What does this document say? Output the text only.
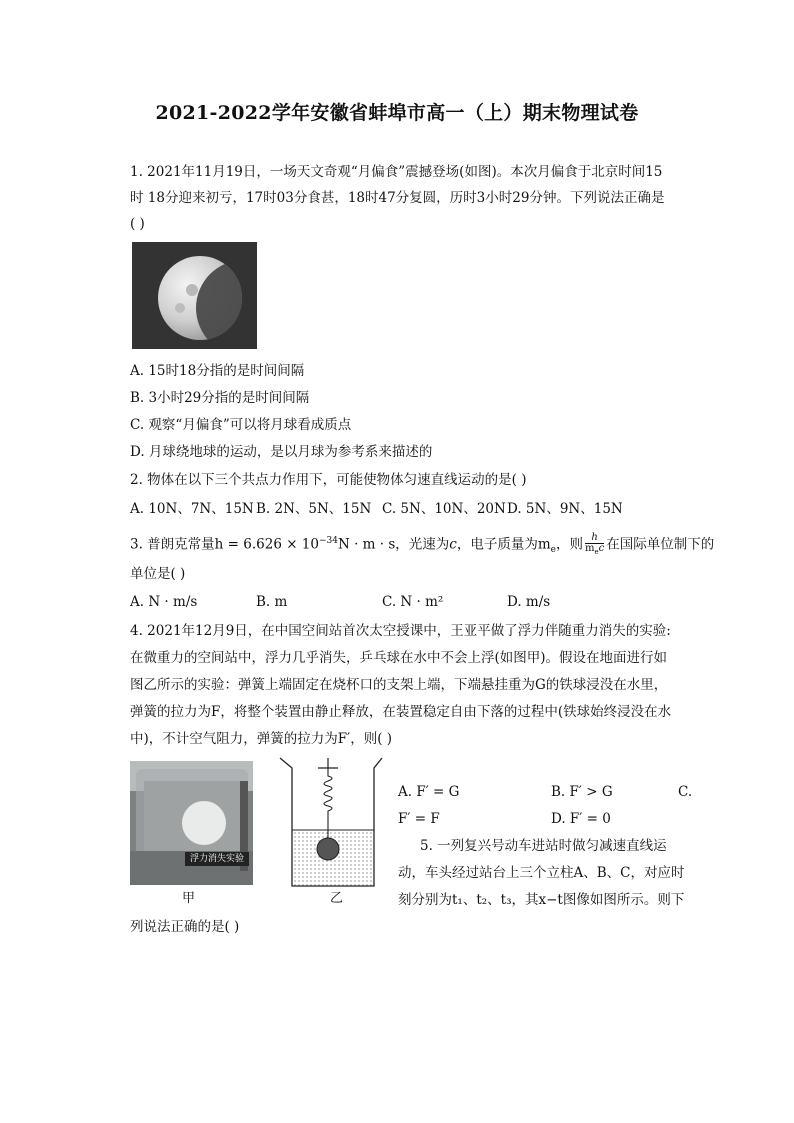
2021-2022学年安徽省蚌埠市高一（上）期末物理试卷
1. 2021年11月19日，一场天文奇观“月偏食”震撼登场(如图)。本次月偏食于北京时间15
时 18分迎来初亏，17时03分食甚，18时47分复圆，历时3小时29分钟。下列说法正确是
( )
A. 15时18分指的是时间间隔
B. 3小时29分指的是时间间隔
C. 观察“月偏食”可以将月球看成质点
D. 月球绕地球的运动，是以月球为参考系来描述的
2. 物体在以下三个共点力作用下，可能使物体匀速直线运动的是( )
A. 10N、7N、15N B. 2N、5N、15N C. 5N、10N、20N D. 5N、9N、15N
3. 普朗克常量$h = 6.626 \times 10^{-34}N \cdot m \cdot s$，光速为c，电子质量为$m_e$，则 h
$m_ec$ 在国际单位制下的
单位是( )
A. N · m/s	B. m	C. N · m²	D. m/s
4. 2021年12月9日，在中国空间站首次太空授课中，王亚平做了浮力伴随重力消失的实验:
在微重力的空间站中，浮力几乎消失，乒乓球在水中不会上浮(如图甲)。假设在地面进行如
图乙所示的实验：弹簧上端固定在烧杯口的支架上端，下端悬挂重为G的铁球浸没在水里，
弹簧的拉力为F，将整个装置由静止释放，在装置稳定自由下落的过程中(铁球始终浸没在水
中)，不计空气阻力，弹簧的拉力为F′，则( )
浮力消失实验
甲	乙
A. F′ = G	B. F′ > G	C.
F′ = F	D. F′ = 0
5. 一列复兴号动车进站时做匀减速直线运
动，车头经过站台上三个立柱A、B、C，对应时
刻分别为t₁、t₂、t₃，其x−t图像如图所示。则下
列说法正确的是( )
